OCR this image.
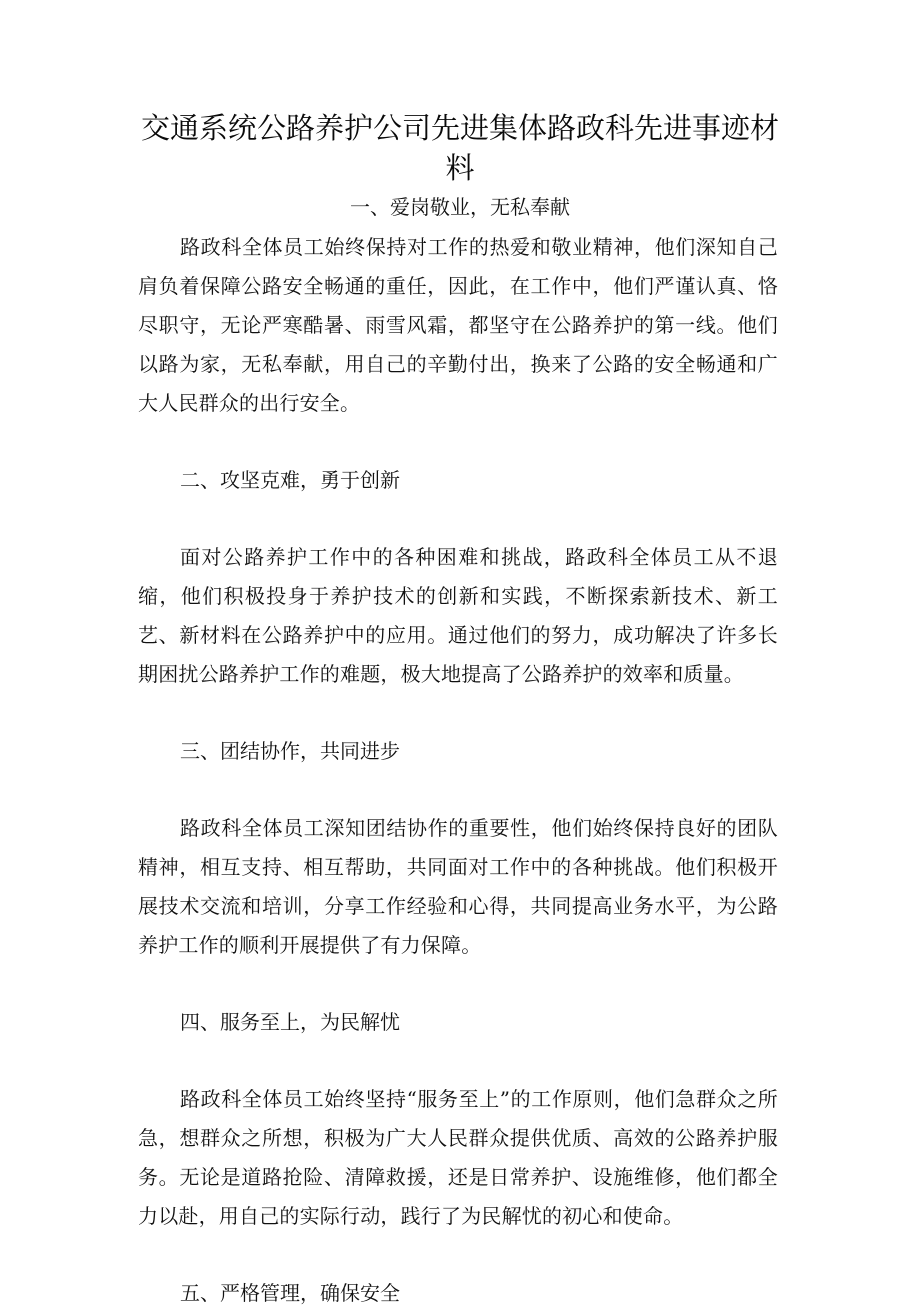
交通系统公路养护公司先进集体路政科先进事迹材料
一、爱岗敬业，无私奉献

路政科全体员工始终保持对工作的热爱和敬业精神，他们深知自己肩负着保障公路安全畅通的重任，因此，在工作中，他们严谨认真、恪尽职守，无论严寒酷暑、雨雪风霜，都坚守在公路养护的第一线。他们以路为家，无私奉献，用自己的辛勤付出，换来了公路的安全畅通和广大人民群众的出行安全。

二、攻坚克难，勇于创新

面对公路养护工作中的各种困难和挑战，路政科全体员工从不退缩，他们积极投身于养护技术的创新和实践，不断探索新技术、新工艺、新材料在公路养护中的应用。通过他们的努力，成功解决了许多长期困扰公路养护工作的难题，极大地提高了公路养护的效率和质量。

三、团结协作，共同进步

路政科全体员工深知团结协作的重要性，他们始终保持良好的团队精神，相互支持、相互帮助，共同面对工作中的各种挑战。他们积极开展技术交流和培训，分享工作经验和心得，共同提高业务水平，为公路养护工作的顺利开展提供了有力保障。

四、服务至上，为民解忧

路政科全体员工始终坚持“服务至上”的工作原则，他们急群众之所急，想群众之所想，积极为广大人民群众提供优质、高效的公路养护服务。无论是道路抢险、清障救援，还是日常养护、设施维修，他们都全力以赴，用自己的实际行动，践行了为民解忧的初心和使命。

五、严格管理，确保安全
